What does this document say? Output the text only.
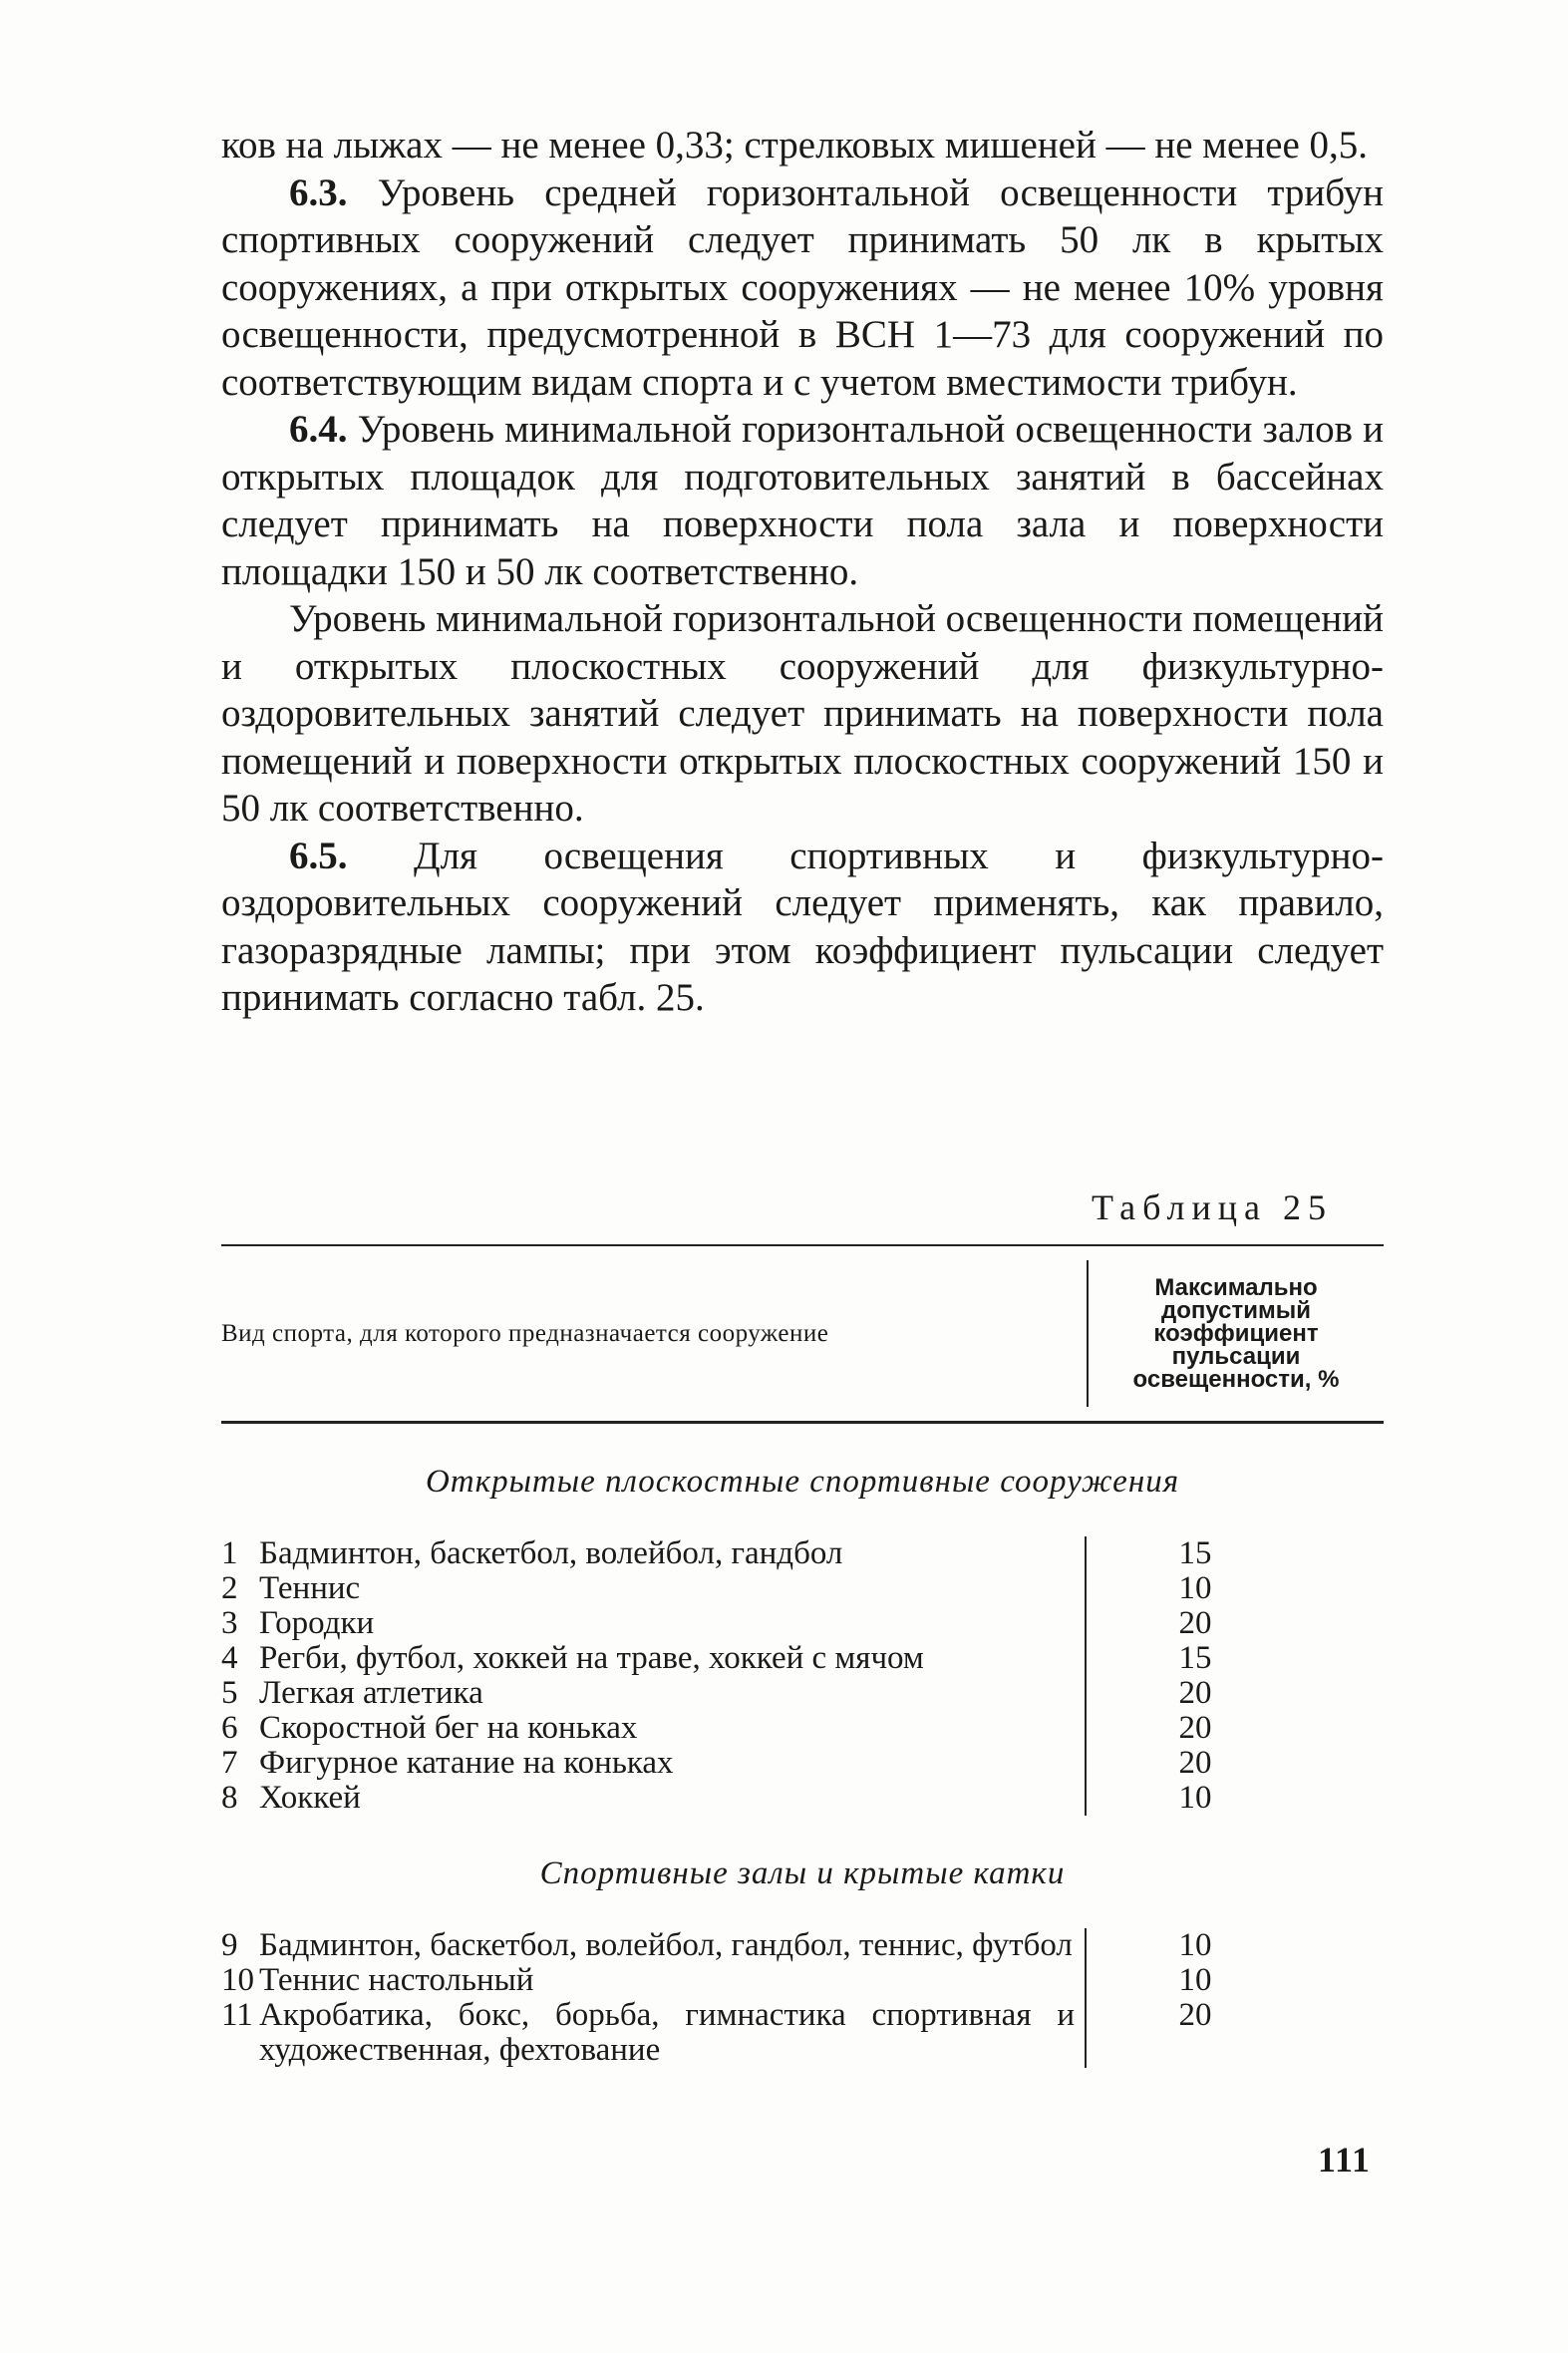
ков на лыжах — не менее 0,33; стрелковых мишеней — не менее 0,5.

6.3. Уровень средней горизонтальной освещенности трибун спортивных сооружений следует принимать 50 лк в крытых сооружениях, а при открытых сооружениях — не менее 10% уровня освещенности, предусмотренной в ВСН 1—73 для сооружений по соответствующим видам спорта и с учетом вместимости трибун.

6.4. Уровень минимальной горизонтальной освещенности залов и открытых площадок для подготовительных занятий в бассейнах следует принимать на поверхности пола зала и поверхности площадки 150 и 50 лк соответственно.

Уровень минимальной горизонтальной освещенности помещений и открытых плоскостных сооружений для физкультурно-оздоровительных занятий следует принимать на поверхности пола помещений и поверхности открытых плоскостных сооружений 150 и 50 лк соответственно.

6.5. Для освещения спортивных и физкультурно-оздоровительных сооружений следует применять, как правило, газоразрядные лампы; при этом коэффициент пульсации следует принимать согласно табл. 25.

Таблица 25
Вид спорта, для которого предназначается сооружение
Максимально допустимый коэффициент пульсации освещенности, %
Открытые плоскостные спортивные сооружения
1 Бадминтон, баскетбол, волейбол, гандбол
2 Теннис
3 Городки
4 Регби, футбол, хоккей на траве, хоккей с мячом
5 Легкая атлетика
6 Скоростной бег на коньках
7 Фигурное катание на коньках
8 Хоккей
15
10
20
15
20
20
20
10
Спортивные залы и крытые катки
9 Бадминтон, баскетбол, волейбол, гандбол, теннис, футбол
10 Теннис настольный
11 Акробатика, бокс, борьба, гимнастика спортивная и художественная, фехтование
10
10
20
111
